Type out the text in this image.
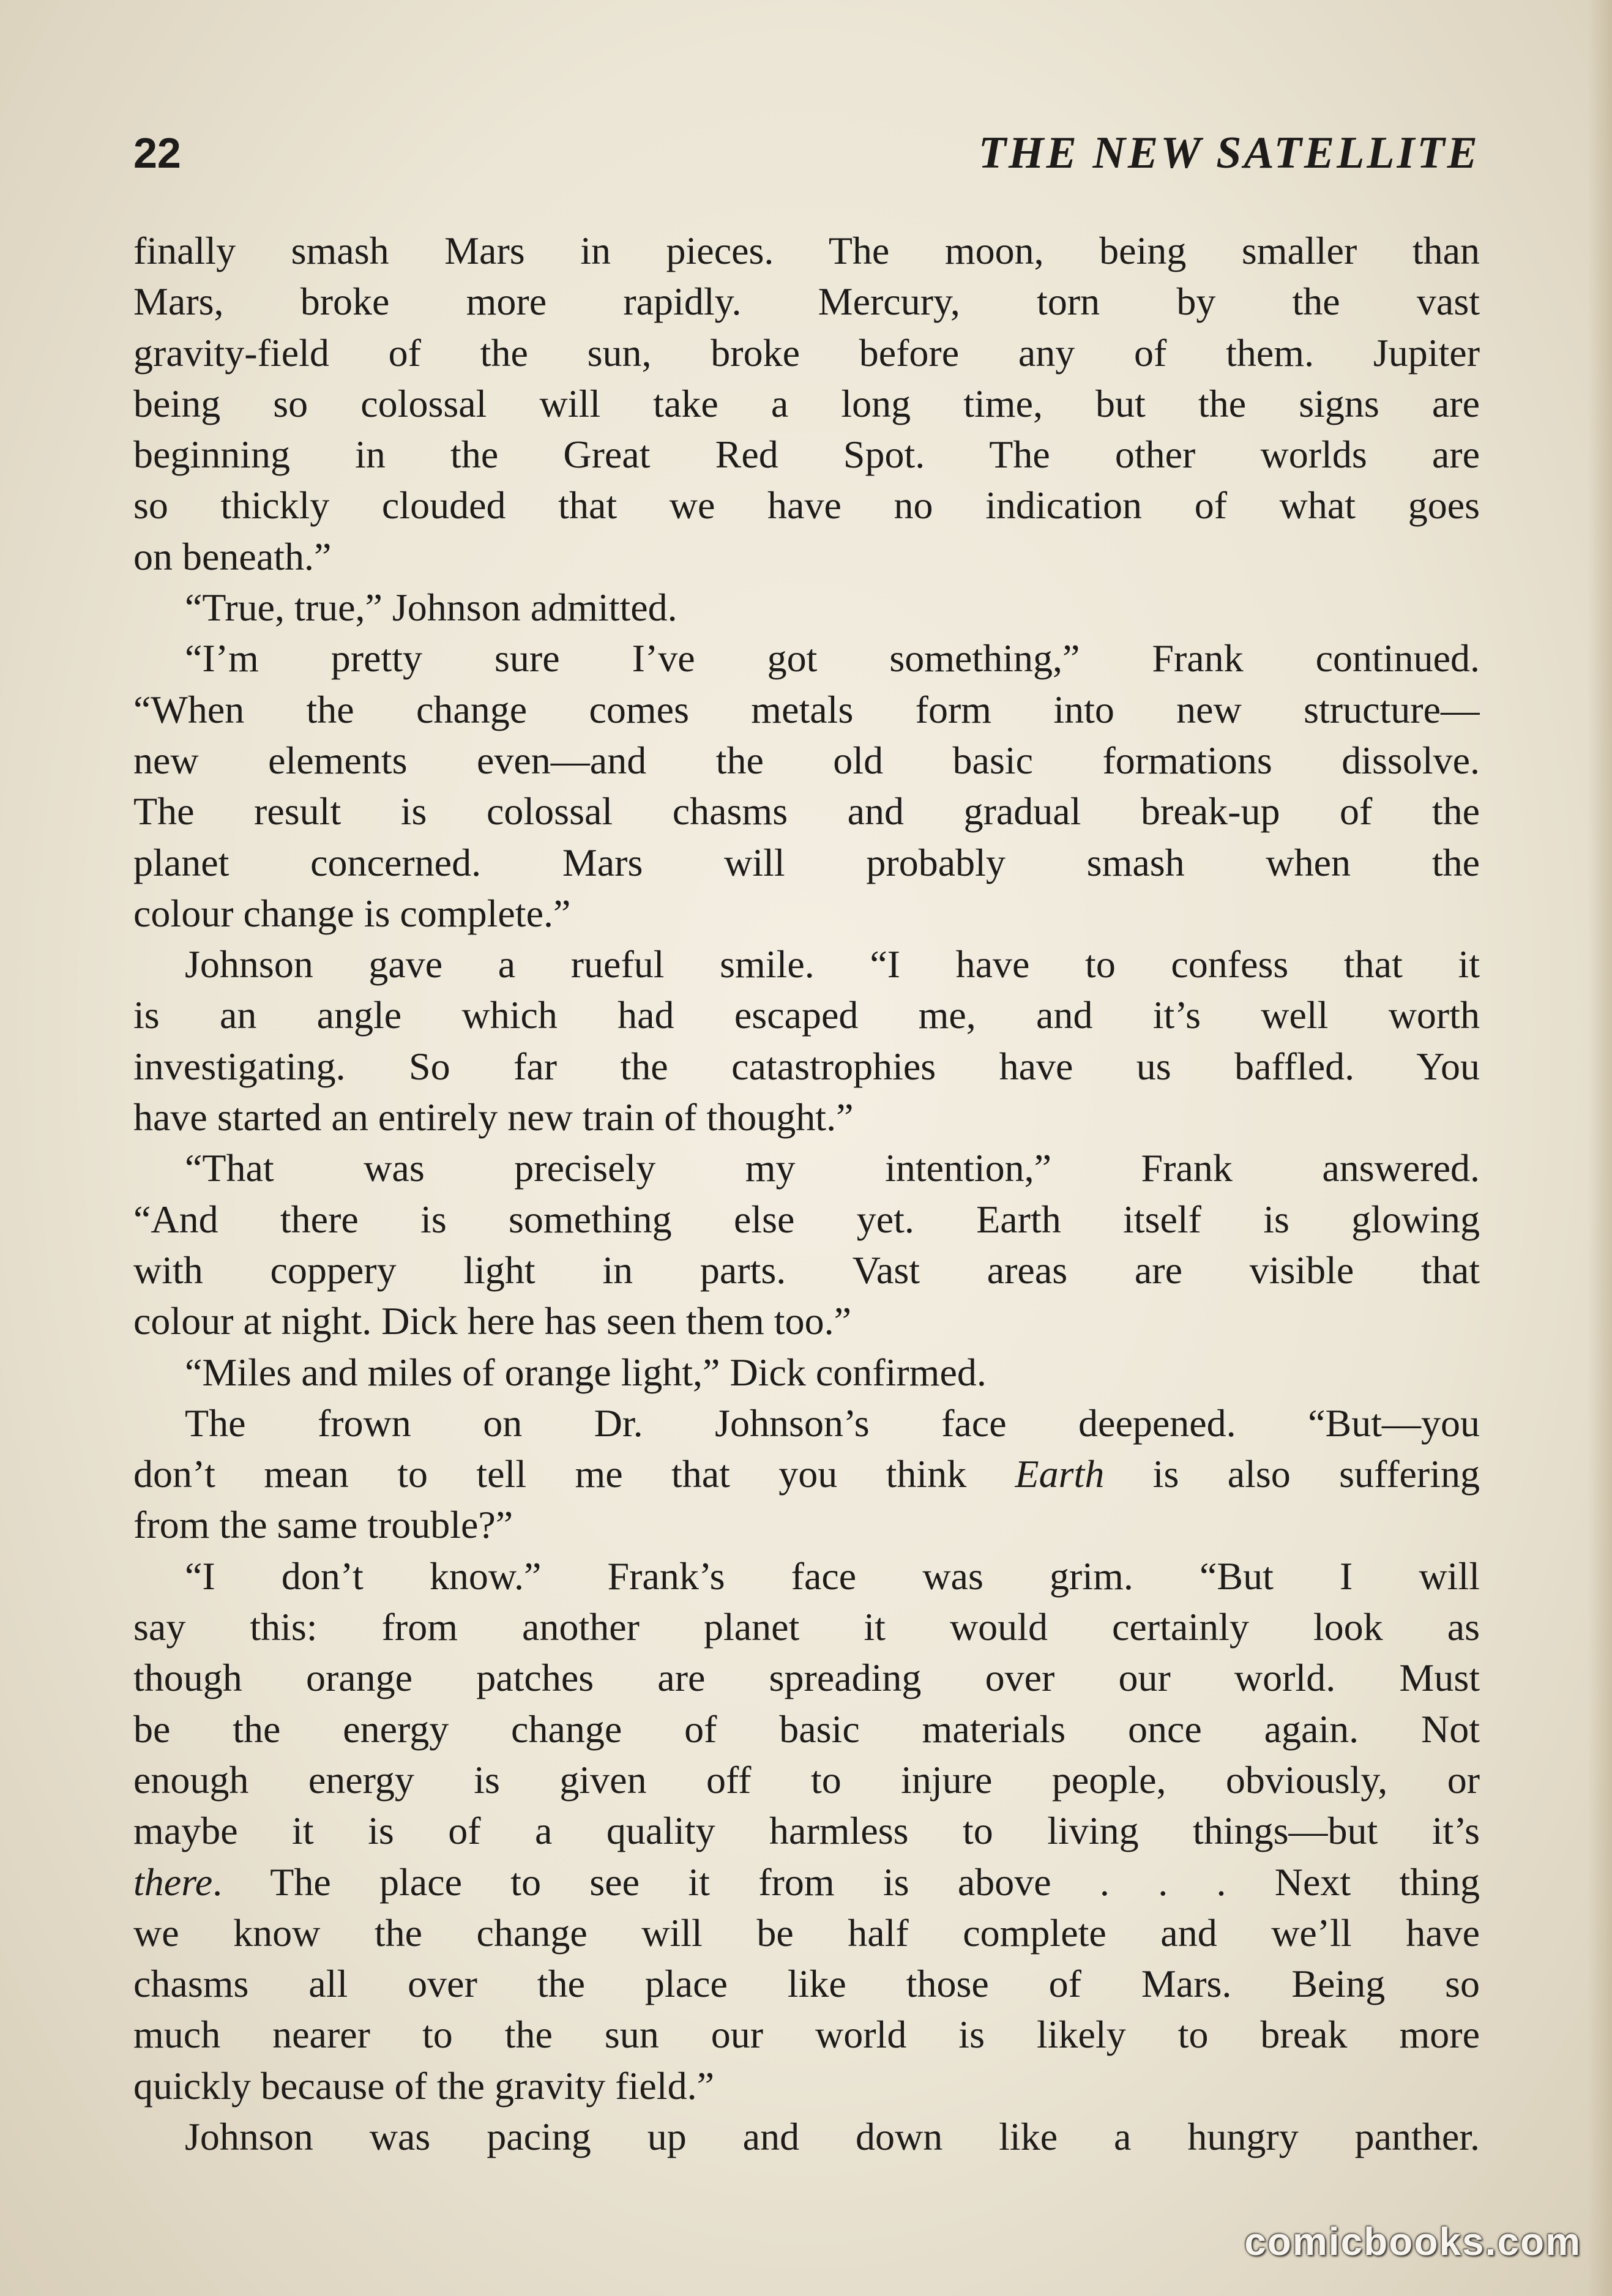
22	THE NEW SATELLITE
finally smash Mars in pieces. The moon, being smaller than
Mars, broke more rapidly. Mercury, torn by the vast
gravity-field of the sun, broke before any of them. Jupiter
being so colossal will take a long time, but the signs are
beginning in the Great Red Spot. The other worlds are
so thickly clouded that we have no indication of what goes
on beneath.”
“True, true,” Johnson admitted.
“I’m pretty sure I’ve got something,” Frank continued.
“When the change comes metals form into new structure—
new elements even—and the old basic formations dissolve.
The result is colossal chasms and gradual break-up of the
planet concerned. Mars will probably smash when the
colour change is complete.”
Johnson gave a rueful smile. “I have to confess that it
is an angle which had escaped me, and it’s well worth
investigating. So far the catastrophies have us baffled. You
have started an entirely new train of thought.”
“That was precisely my intention,” Frank answered.
“And there is something else yet. Earth itself is glowing
with coppery light in parts. Vast areas are visible that
colour at night. Dick here has seen them too.”
“Miles and miles of orange light,” Dick confirmed.
The frown on Dr. Johnson’s face deepened. “But—you
don’t mean to tell me that you think Earth is also suffering
from the same trouble?”
“I don’t know.” Frank’s face was grim. “But I will
say this: from another planet it would certainly look as
though orange patches are spreading over our world. Must
be the energy change of basic materials once again. Not
enough energy is given off to injure people, obviously, or
maybe it is of a quality harmless to living things—but it’s
there. The place to see it from is above . . . Next thing
we know the change will be half complete and we’ll have
chasms all over the place like those of Mars. Being so
much nearer to the sun our world is likely to break more
quickly because of the gravity field.”
Johnson was pacing up and down like a hungry panther.
comicbooks.com
